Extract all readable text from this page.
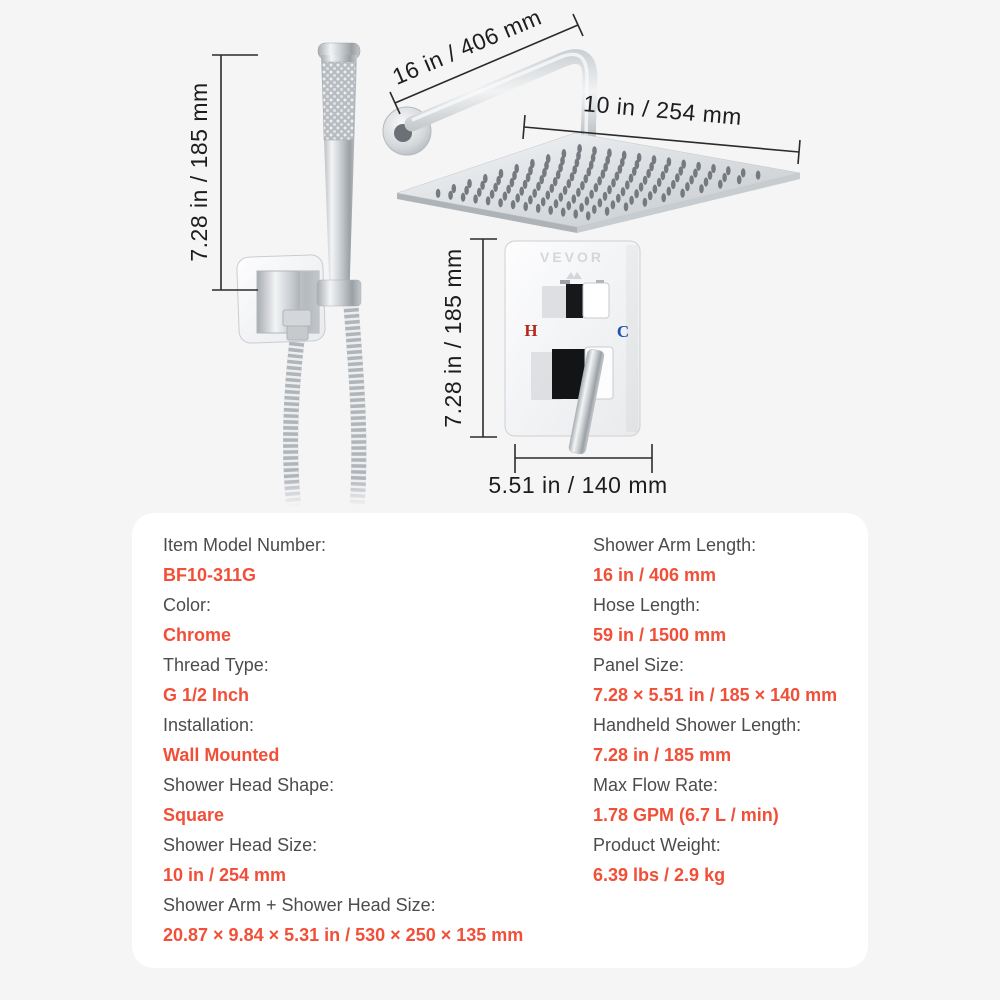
VEVOR
H	C
7.28 in / 185 mm
16 in / 406 mm
10 in / 254 mm
7.28 in / 185 mm
5.51 in / 140 mm
Item Model Number:
BF10-311G
Color:
Chrome
Thread Type:
G 1/2 Inch
Installation:
Wall Mounted
Shower Head Shape:
Square
Shower Head Size:
10 in / 254 mm
Shower Arm + Shower Head Size:
20.87 × 9.84 × 5.31 in / 530 × 250 × 135 mm
Shower Arm Length:
16 in / 406 mm
Hose Length:
59 in / 1500 mm
Panel Size:
7.28 × 5.51 in / 185 × 140 mm
Handheld Shower Length:
7.28 in / 185 mm
Max Flow Rate:
1.78 GPM (6.7 L / min)
Product Weight:
6.39 lbs / 2.9 kg
